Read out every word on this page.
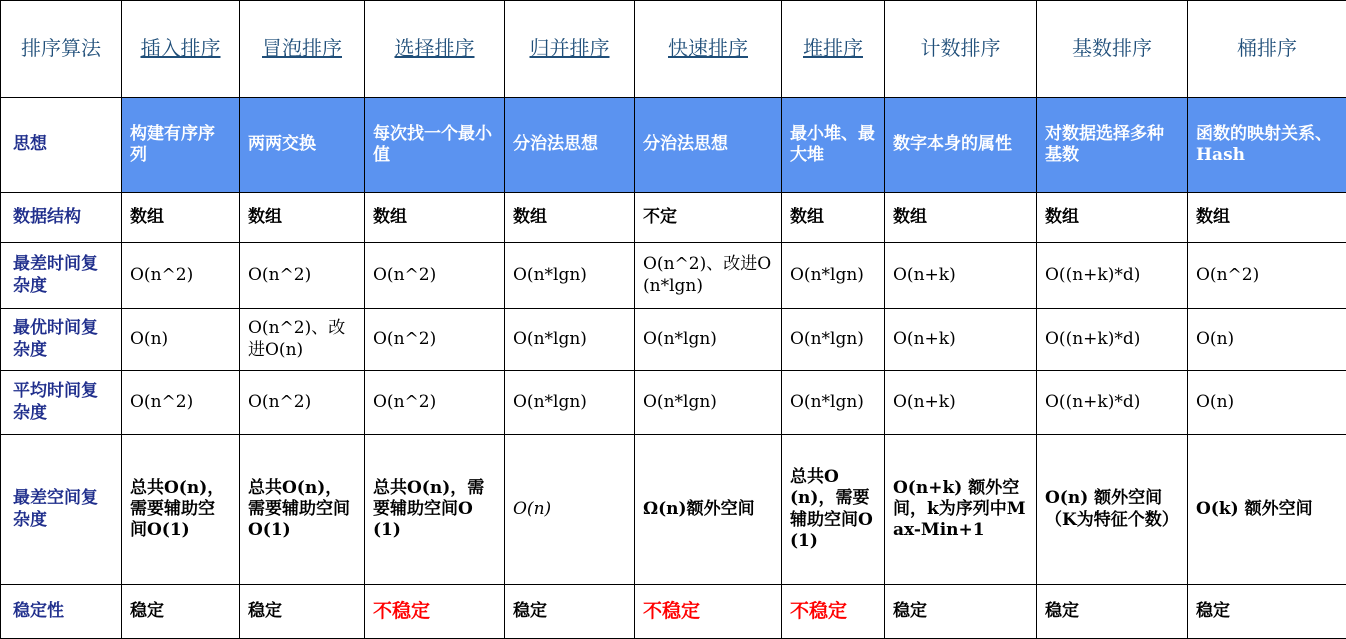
排序算法	插入排序	冒泡排序	选择排序	归并排序	快速排序	堆排序	计数排序	基数排序	桶排序
思想	构建有序序列	两两交换	每次找一个最小值	分治法思想	分治法思想	最小堆、最大堆	数字本身的属性	对数据选择多种基数	函数的映射关系、Hash
数据结构	数组	数组	数组	数组	不定	数组	数组	数组	数组
最差时间复杂度	O(n^2)	O(n^2)	O(n^2)	O(n*lgn)	O(n^2)、改进O(n*lgn)	O(n*lgn)	O(n+k)	O((n+k)*d)	O(n^2)
最优时间复杂度	O(n)	O(n^2)、改进O(n)	O(n^2)	O(n*lgn)	O(n*lgn)	O(n*lgn)	O(n+k)	O((n+k)*d)	O(n)
平均时间复杂度	O(n^2)	O(n^2)	O(n^2)	O(n*lgn)	O(n*lgn)	O(n*lgn)	O(n+k)	O((n+k)*d)	O(n)
最差空间复杂度	总共O(n)，需要辅助空间O(1)	总共O(n)，需要辅助空间O(1)	总共O(n)，需要辅助空间O(1)	O(n)	Ω(n)额外空间	总共O(n)，需要辅助空间O(1)	O(n+k) 额外空间，k为序列中Max-Min+1	O(n) 额外空间 （K为特征个数）	O(k) 额外空间
稳定性	稳定	稳定	不稳定	稳定	不稳定	不稳定	稳定	稳定	稳定
